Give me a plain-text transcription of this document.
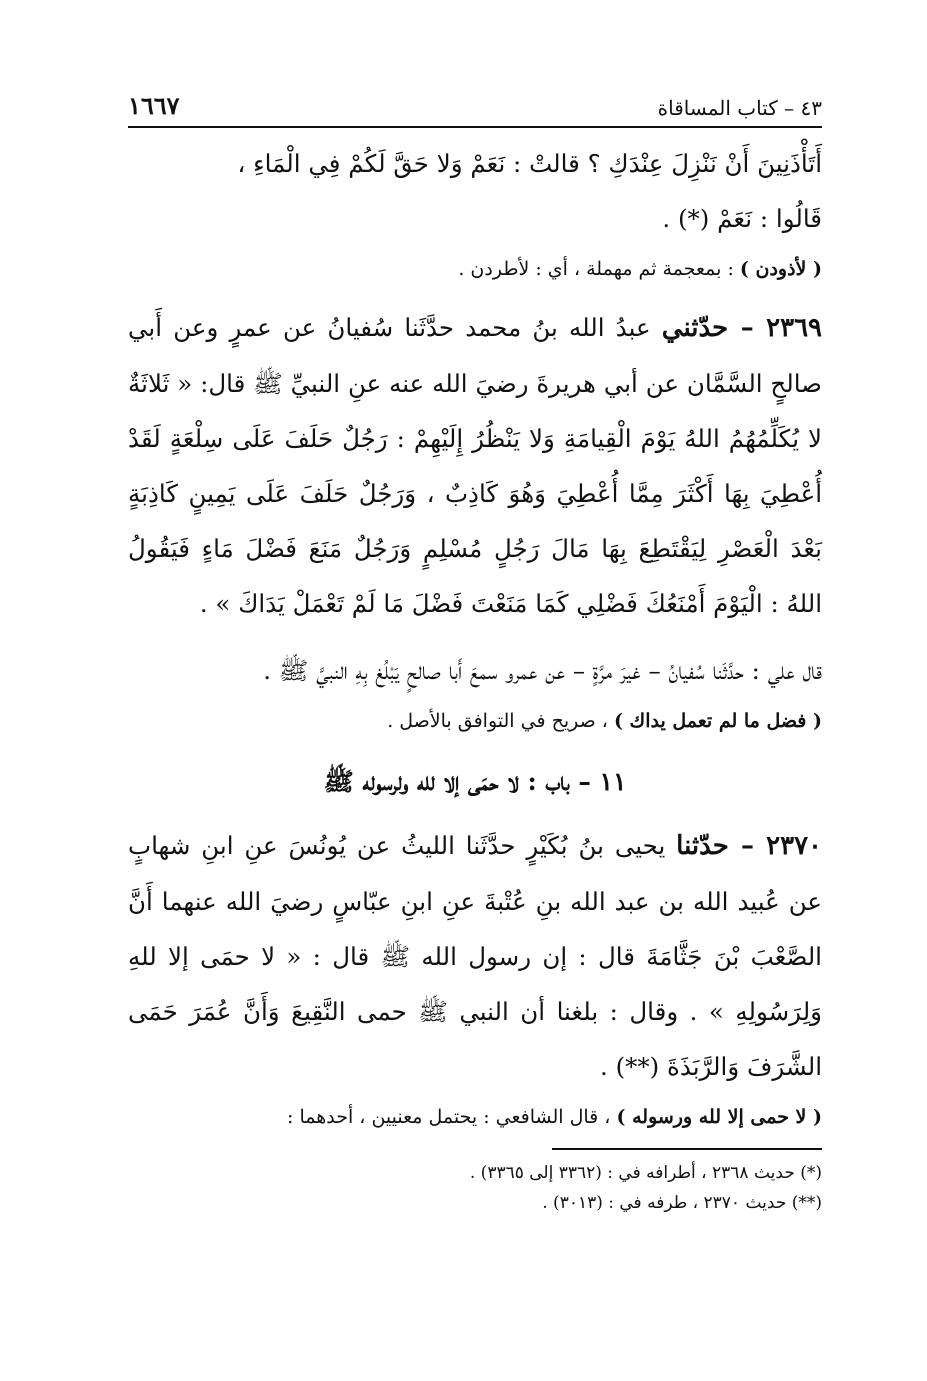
٤٣ – كتاب المساقاة
١٦٦٧

أَتَأْذَنِينَ أَنْ نَنْزِلَ عِنْدَكِ ؟ قالتْ : نَعَمْ وَلا حَقَّ لَكُمْ فِي الْمَاءِ ،
قَالُوا : نَعَمْ (*) .

( لأذودن ) : بمعجمة ثم مهملة ، أي : لأطردن .

٢٣٦٩ – حدّثني عبدُ الله بنُ محمد حدَّثَنا سُفيانُ عن عمرٍ وعن أَبي صالحٍ السَّمَّان عن أبي هريرةَ رضيَ الله عنه عنِ النبيِّ ﷺ قال: « ثَلاثَةٌ لا يُكَلِّمُهُمُ اللهُ يَوْمَ الْقِيامَةِ وَلا يَنْظُرُ إِلَيْهِمْ : رَجُلٌ حَلَفَ عَلَى سِلْعَةٍ لَقَدْ أُعْطِيَ بِهَا أَكْثَرَ مِمَّا أُعْطِيَ وَهُوَ كَاذِبٌ ، وَرَجُلٌ حَلَفَ عَلَى يَمِينٍ كَاذِبَةٍ بَعْدَ الْعَصْرِ لِيَقْتَطِعَ بِهَا مَالَ رَجُلٍ مُسْلِمٍ وَرَجُلٌ مَنَعَ فَضْلَ مَاءٍ فَيَقُولُ اللهُ : الْيَوْمَ أَمْنَعُكَ فَضْلِي كَمَا مَنَعْتَ فَضْلَ مَا لَمْ تَعْمَلْ يَدَاكَ » .

قال علي : حدَّثَنا سُفيانُ – غيرَ مرَّةٍ – عن عمرو سمعَ أَبا صالحٍ يَبْلُغ بِهِ النبيَّ ﷺ .

( فضل ما لم تعمل يداك ) ، صريح في التوافق بالأصل .

١١ – باب : لا حمَى إلا لله ولرسوله ﷺ

٢٣٧٠ – حدّثنا يحيى بنُ بُكَيْرٍ حدَّثَنا الليثُ عن يُونُسَ عنِ ابنِ شهابٍ عن عُبيد الله بن عبد الله بنِ عُتْبةَ عنِ ابنِ عبّاسٍ رضيَ الله عنهما أَنَّ الصَّعْبَ بْنَ جَثَّامَةَ قال : إن رسول الله ﷺ قال : « لا حمَى إلا للهِ وَلِرَسُولِهِ » . وقال : بلغنا أن النبي ﷺ حمى النَّقِيعَ وَأَنَّ عُمَرَ حَمَى الشَّرَفَ وَالرَّبَذَةَ (**) .

( لا حمى إلا لله ورسوله ) ، قال الشافعي : يحتمل معنيين ، أحدهما :

(*) حديث ٢٣٦٨ ، أطرافه في : (٣٣٦٢ إلى ٣٣٦٥) .

(**) حديث ٢٣٧٠ ، طرفه في : (٣٠١٣) .
